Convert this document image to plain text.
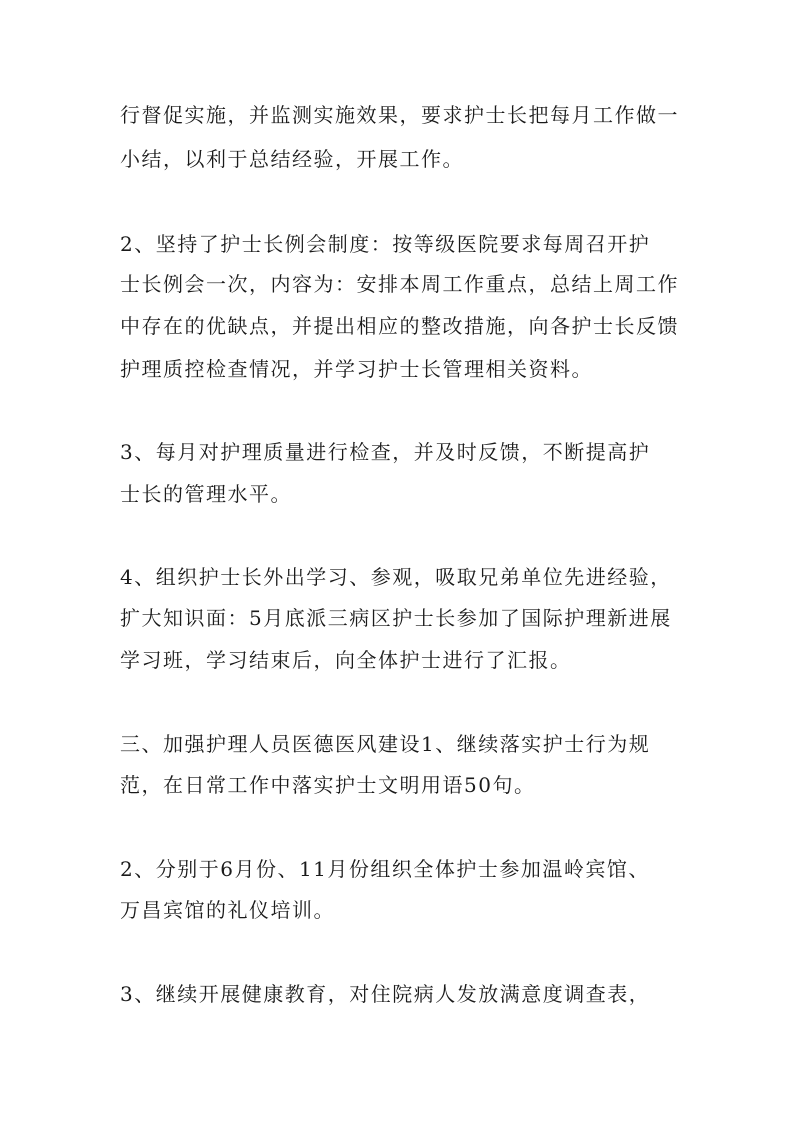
行督促实施，并监测实施效果，要求护士长把每月工作做一

小结，以利于总结经验，开展工作。

2、坚持了护士长例会制度：按等级医院要求每周召开护

士长例会一次，内容为：安排本周工作重点，总结上周工作

中存在的优缺点，并提出相应的整改措施，向各护士长反馈

护理质控检查情况，并学习护士长管理相关资料。

3、每月对护理质量进行检查，并及时反馈，不断提高护

士长的管理水平。

4、组织护士长外出学习、参观，吸取兄弟单位先进经验，

扩大知识面：5月底派三病区护士长参加了国际护理新进展

学习班，学习结束后，向全体护士进行了汇报。

三、加强护理人员医德医风建设1、继续落实护士行为规

范，在日常工作中落实护士文明用语50句。

2、分别于6月份、11月份组织全体护士参加温岭宾馆、

万昌宾馆的礼仪培训。

3、继续开展健康教育，对住院病人发放满意度调查表，
